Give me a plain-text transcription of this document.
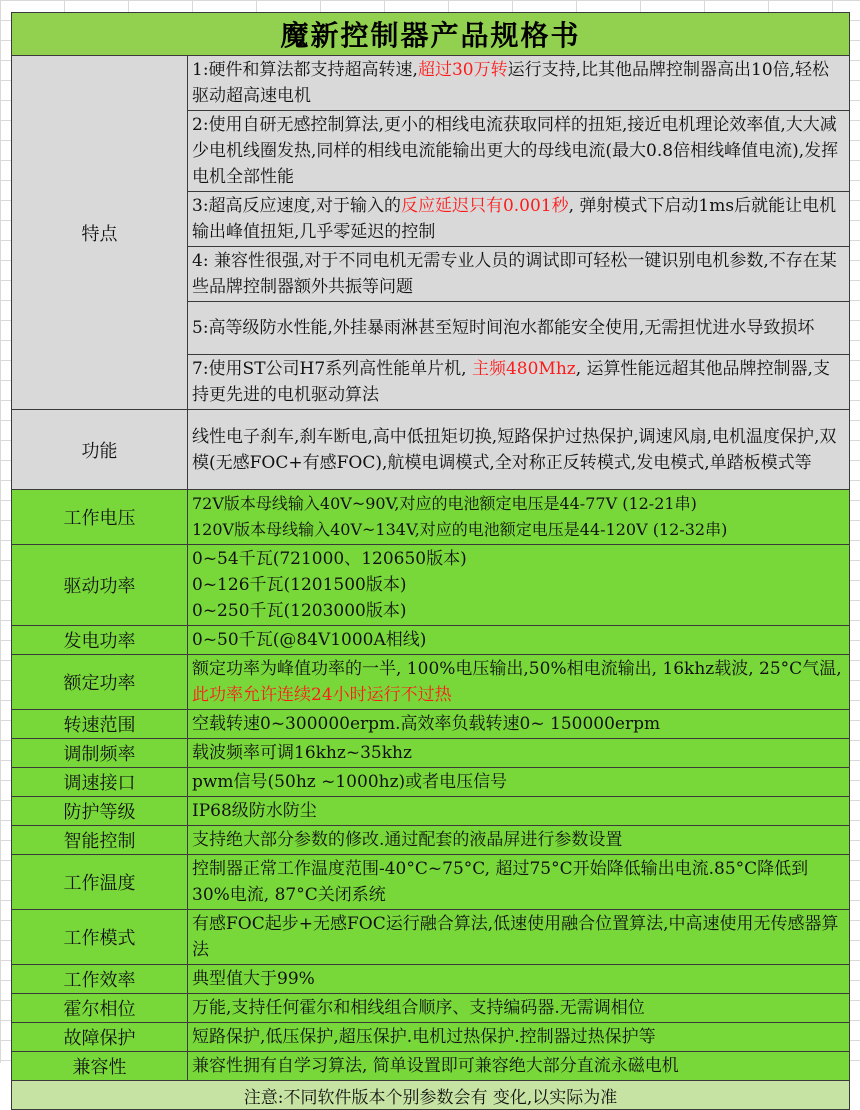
魔新控制器产品规格书	
特点	1:硬件和算法都支持超高转速,超过30万转运行支持,比其他品牌控制器高出10倍,轻松驱动超高速电机
	2:使用自研无感控制算法,更小的相线电流获取同样的扭矩,接近电机理论效率值,大大减少电机线圈发热,同样的相线电流能输出更大的母线电流(最大0.8倍相线峰值电流),发挥电机全部性能
	3:超高反应速度,对于输入的反应延迟只有0.001秒, 弹射模式下启动1ms后就能让电机输出峰值扭矩,几乎零延迟的控制
	4: 兼容性很强,对于不同电机无需专业人员的调试即可轻松一键识别电机参数,不存在某些品牌控制器额外共振等问题
	5:高等级防水性能,外挂暴雨淋甚至短时间泡水都能安全使用,无需担忧进水导致损坏
	7:使用ST公司H7系列高性能单片机, 主频480Mhz, 运算性能远超其他品牌控制器,支持更先进的电机驱动算法
功能	线性电子刹车,刹车断电,高中低扭矩切换,短路保护过热保护,调速风扇,电机温度保护,双模(无感FOC+有感FOC),航模电调模式,全对称正反转模式,发电模式,单踏板模式等
工作电压	72V版本母线输入40V~90V,对应的电池额定电压是44-77V (12-21串)
120V版本母线输入40V~134V,对应的电池额定电压是44-120V (12-32串)

驱动功率	0~54千瓦(721000、120650版本)
0~126千瓦(1201500版本)
0~250千瓦(1203000版本)

发电功率	0~50千瓦(@84V1000A相线)
额定功率	额定功率为峰值功率的一半, 100%电压输出,50%相电流输出, 16khz载波, 25°C气温,此功率允许连续24小时运行不过热
转速范围	空载转速0~300000erpm.高效率负载转速0~ 150000erpm
调制频率	载波频率可调16khz~35khz
调速接口	pwm信号(50hz ~1000hz)或者电压信号
防护等级	IP68级防水防尘
智能控制	支持绝大部分参数的修改.通过配套的液晶屏进行参数设置
工作温度	控制器正常工作温度范围-40°C~75°C, 超过75°C开始降低输出电流.85°C降低到30%电流, 87°C关闭系统
工作模式	有感FOC起步+无感FOC运行融合算法,低速使用融合位置算法,中高速使用无传感器算法
工作效率	典型值大于99%
霍尔相位	万能,支持任何霍尔和相线组合顺序、支持编码器.无需调相位
故障保护	短路保护,低压保护,超压保护.电机过热保护.控制器过热保护等
兼容性	兼容性拥有自学习算法, 简单设置即可兼容绝大部分直流永磁电机
注意:不同软件版本个别参数会有 变化,以实际为准	
